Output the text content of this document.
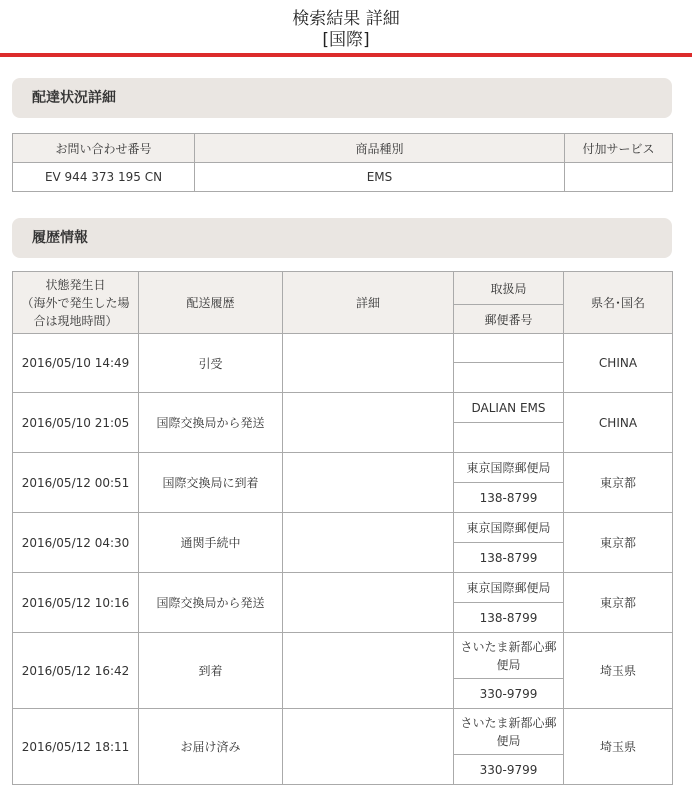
検索結果 詳細
[国際]
配達状況詳細
お問い合わせ番号	商品種別	付加サービス
EV 944 373 195 CN	EMS	
履歴情報
状態発生日
（海外で発生した場
合は現地時間）	配送履歴	詳細	取扱局	県名･国名
			郵便番号	
2016/05/10 14:49	引受			CHINA

2016/05/10 21:05	国際交換局から発送		DALIAN EMS	CHINA

2016/05/12 00:51	国際交換局に到着		東京国際郵便局	東京都
			138-8799	
2016/05/12 04:30	通関手続中		東京国際郵便局	東京都
			138-8799	
2016/05/12 10:16	国際交換局から発送		東京国際郵便局	東京都
			138-8799	
2016/05/12 16:42	到着		さいたま新都心郵便局	埼玉県
			330-9799	
2016/05/12 18:11	お届け済み		さいたま新都心郵便局	埼玉県
			330-9799	
